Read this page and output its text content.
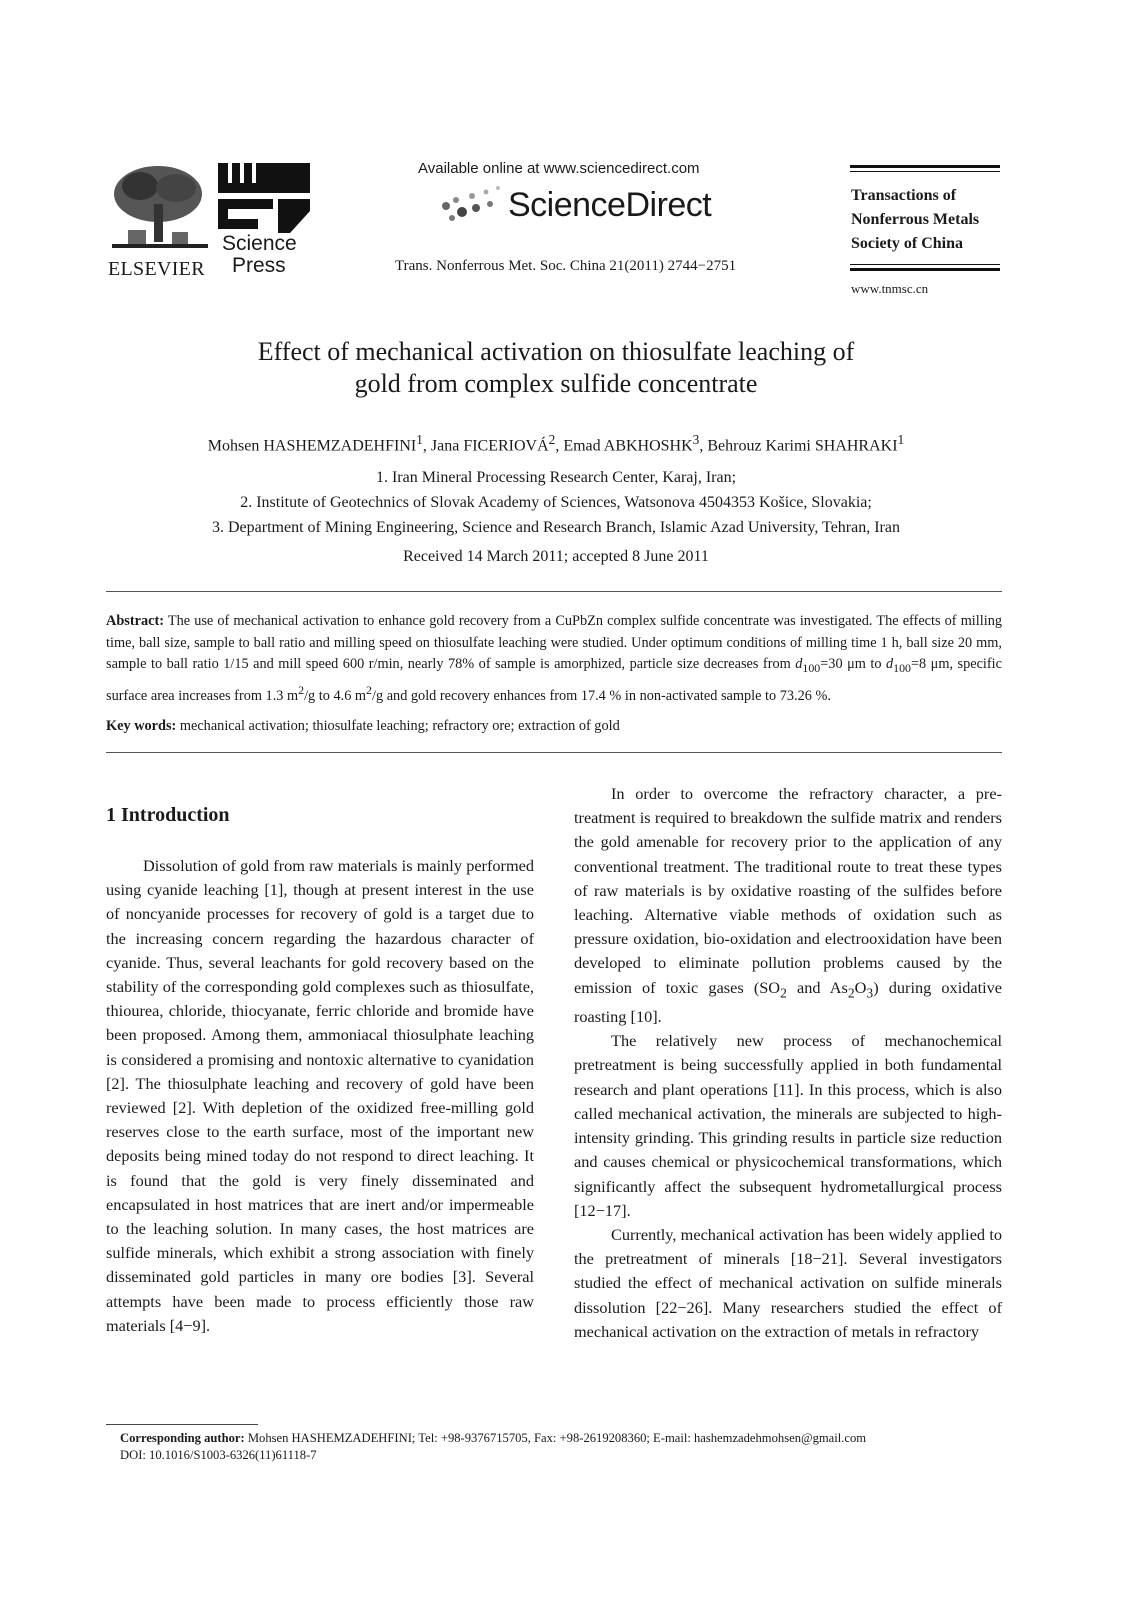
ELSEVIER
Science
Press
Available online at www.sciencedirect.com
ScienceDirect
Trans. Nonferrous Met. Soc. China 21(2011) 2744−2751
Transactions of
Nonferrous Metals
Society of China
www.tnmsc.cn
Effect of mechanical activation on thiosulfate leaching of
gold from complex sulfide concentrate
Mohsen HASHEMZADEHFINI$^1$, Jana FICERIOVÁ$^2$, Emad ABKHOSHK$^3$, Behrouz Karimi SHAHRAKI$^1$
1. Iran Mineral Processing Research Center, Karaj, Iran;
2. Institute of Geotechnics of Slovak Academy of Sciences, Watsonova 4504353 Košice, Slovakia;
3. Department of Mining Engineering, Science and Research Branch, Islamic Azad University, Tehran, Iran
Received 14 March 2011; accepted 8 June 2011
Abstract: The use of mechanical activation to enhance gold recovery from a CuPbZn complex sulfide concentrate was investigated. The effects of milling time, ball size, sample to ball ratio and milling speed on thiosulfate leaching were studied. Under optimum conditions of milling time 1 h, ball size 20 mm, sample to ball ratio 1/15 and mill speed 600 r/min, nearly 78% of sample is amorphized, particle size decreases from $d_{100}=30$ μm to $d_{100}=8$ μm, specific surface area increases from 1.3 $m^2/g$ to 4.6 $m^2/g$ and gold recovery enhances from 17.4 % in non-activated sample to 73.26 %.
Key words: mechanical activation; thiosulfate leaching; refractory ore; extraction of gold
1 Introduction

Dissolution of gold from raw materials is mainly performed using cyanide leaching [1], though at present interest in the use of noncyanide processes for recovery of gold is a target due to the increasing concern regarding the hazardous character of cyanide. Thus, several leachants for gold recovery based on the stability of the corresponding gold complexes such as thiosulfate, thiourea, chloride, thiocyanate, ferric chloride and bromide have been proposed. Among them, ammoniacal thiosulphate leaching is considered a promising and nontoxic alternative to cyanidation [2]. The thiosulphate leaching and recovery of gold have been reviewed [2]. With depletion of the oxidized free-milling gold reserves close to the earth surface, most of the important new deposits being mined today do not respond to direct leaching. It is found that the gold is very finely disseminated and encapsulated in host matrices that are inert and/or impermeable to the leaching solution. In many cases, the host matrices are sulfide minerals, which exhibit a strong association with finely disseminated gold particles in many ore bodies [3]. Several attempts have been made to process efficiently those raw materials [4−9].

In order to overcome the refractory character, a pre-treatment is required to breakdown the sulfide matrix and renders the gold amenable for recovery prior to the application of any conventional treatment. The traditional route to treat these types of raw materials is by oxidative roasting of the sulfides before leaching. Alternative viable methods of oxidation such as pressure oxidation, bio-oxidation and electrooxidation have been developed to eliminate pollution problems caused by the emission of toxic gases ($SO_2$ and $As_2O_3$) during oxidative roasting [10].

The relatively new process of mechanochemical pretreatment is being successfully applied in both fundamental research and plant operations [11]. In this process, which is also called mechanical activation, the minerals are subjected to high-intensity grinding. This grinding results in particle size reduction and causes chemical or physicochemical transformations, which significantly affect the subsequent hydrometallurgical process [12−17].

Currently, mechanical activation has been widely applied to the pretreatment of minerals [18−21]. Several investigators studied the effect of mechanical activation on sulfide minerals dissolution [22−26]. Many researchers studied the effect of mechanical activation on the extraction of metals in refractory

Corresponding author: Mohsen HASHEMZADEHFINI; Tel: +98-9376715705, Fax: +98-2619208360; E-mail: hashemzadehmohsen@gmail.com
DOI: 10.1016/S1003-6326(11)61118-7
